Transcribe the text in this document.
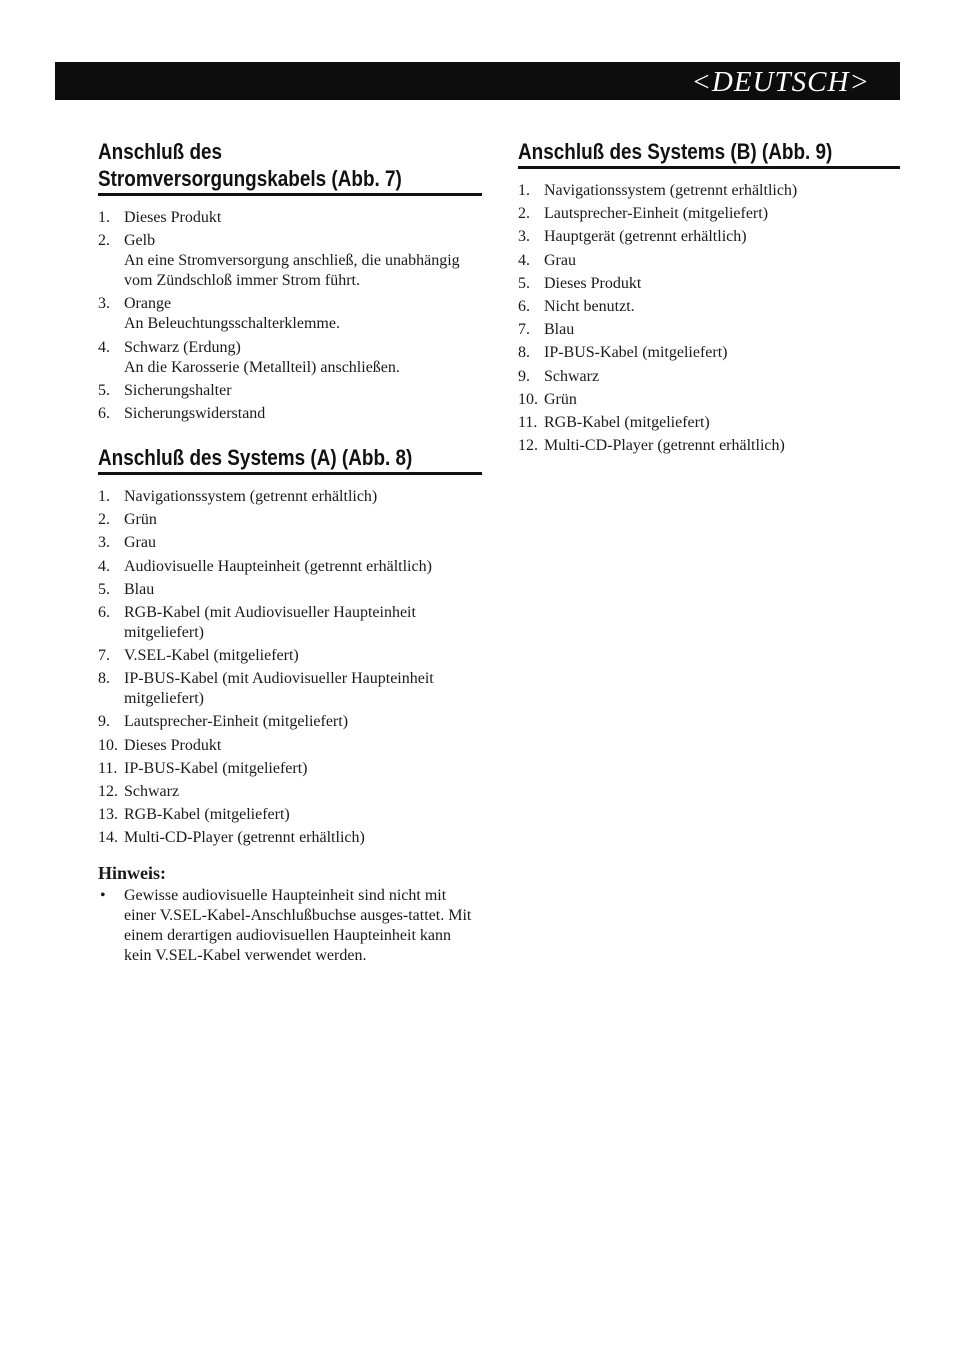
<DEUTSCH>
Anschluß des
Stromversorgungskabels (Abb. 7)
1. Dieses Produkt
2. Gelb
An eine Stromversorgung anschließ, die unabhängig vom Zündschloß immer Strom führt.
3. Orange
An Beleuchtungsschalterklemme.
4. Schwarz (Erdung)
An die Karosserie (Metallteil) anschließen.
5. Sicherungshalter
6. Sicherungswiderstand
Anschluß des Systems (A) (Abb. 8)
1. Navigationssystem (getrennt erhältlich)
2. Grün
3. Grau
4. Audiovisuelle Haupteinheit (getrennt erhältlich)
5. Blau
6. RGB-Kabel (mit Audiovisueller Haupteinheit mitgeliefert)
7. V.SEL-Kabel (mitgeliefert)
8. IP-BUS-Kabel (mit Audiovisueller Haupteinheit mitgeliefert)
9. Lautsprecher-Einheit (mitgeliefert)
10. Dieses Produkt
11. IP-BUS-Kabel (mitgeliefert)
12. Schwarz
13. RGB-Kabel (mitgeliefert)
14. Multi-CD-Player (getrennt erhältlich)
Hinweis:
• Gewisse audiovisuelle Haupteinheit sind nicht mit einer V.SEL-Kabel-Anschlußbuchse ausges-tattet. Mit einem derartigen audiovisuellen Haupteinheit kann kein V.SEL-Kabel verwendet werden.
Anschluß des Systems (B) (Abb. 9)
1. Navigationssystem (getrennt erhältlich)
2. Lautsprecher-Einheit (mitgeliefert)
3. Hauptgerät (getrennt erhältlich)
4. Grau
5. Dieses Produkt
6. Nicht benutzt.
7. Blau
8. IP-BUS-Kabel (mitgeliefert)
9. Schwarz
10. Grün
11. RGB-Kabel (mitgeliefert)
12. Multi-CD-Player (getrennt erhältlich)
